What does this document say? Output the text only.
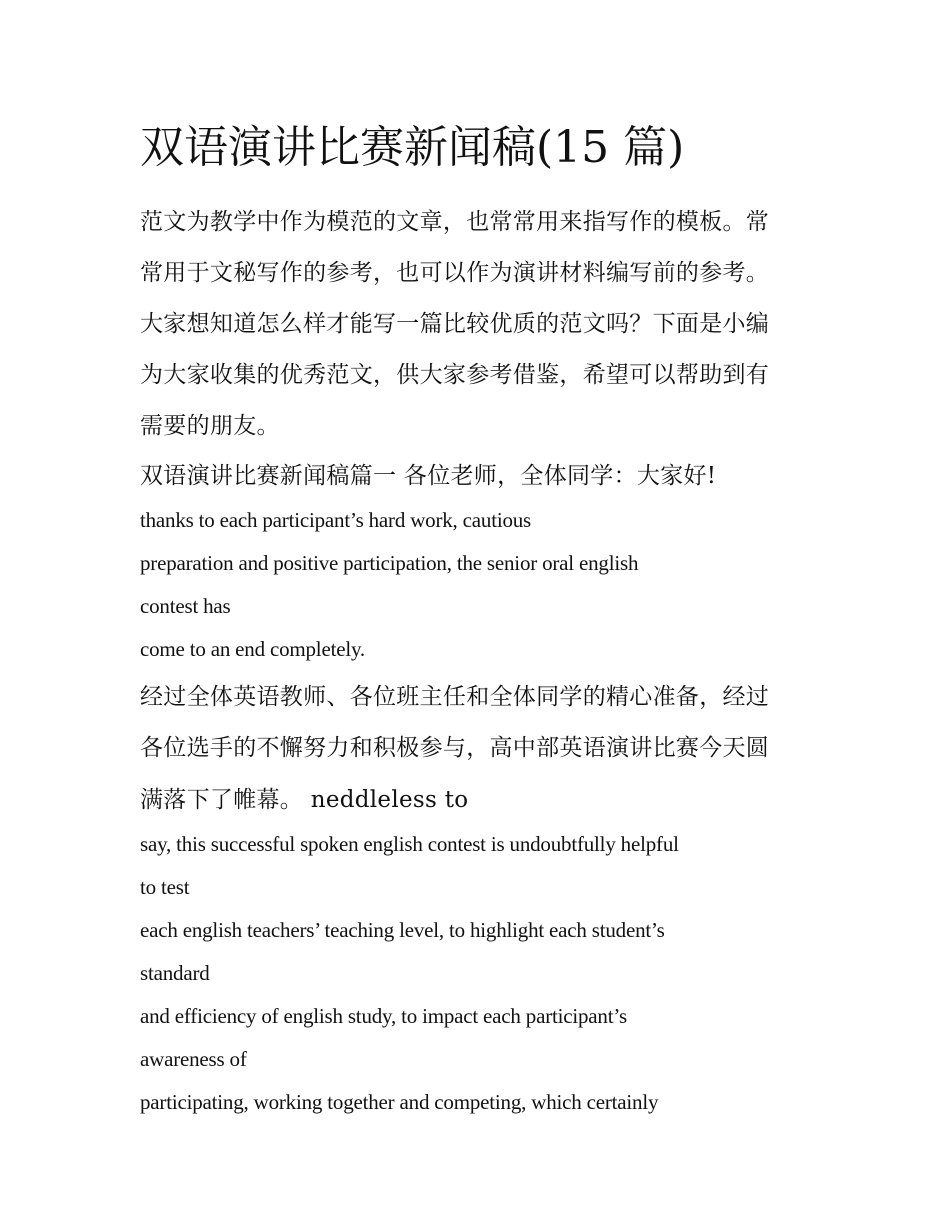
双语演讲比赛新闻稿(15 篇)
范文为教学中作为模范的文章，也常常用来指写作的模板。常
常用于文秘写作的参考，也可以作为演讲材料编写前的参考。
大家想知道怎么样才能写一篇比较优质的范文吗？下面是小编
为大家收集的优秀范文，供大家参考借鉴，希望可以帮助到有
需要的朋友。
双语演讲比赛新闻稿篇一 各位老师，全体同学：大家好!
thanks to each participant’s hard work, cautious
preparation and positive participation, the senior oral english
contest has
come to an end completely.
经过全体英语教师、各位班主任和全体同学的精心准备，经过
各位选手的不懈努力和积极参与，高中部英语演讲比赛今天圆
满落下了帷幕。 neddleless to
say, this successful spoken english contest is undoubtfully helpful
to test
each english teachers’ teaching level, to highlight each student’s
standard
and efficiency of english study, to impact each participant’s
awareness of
participating, working together and competing, which certainly
